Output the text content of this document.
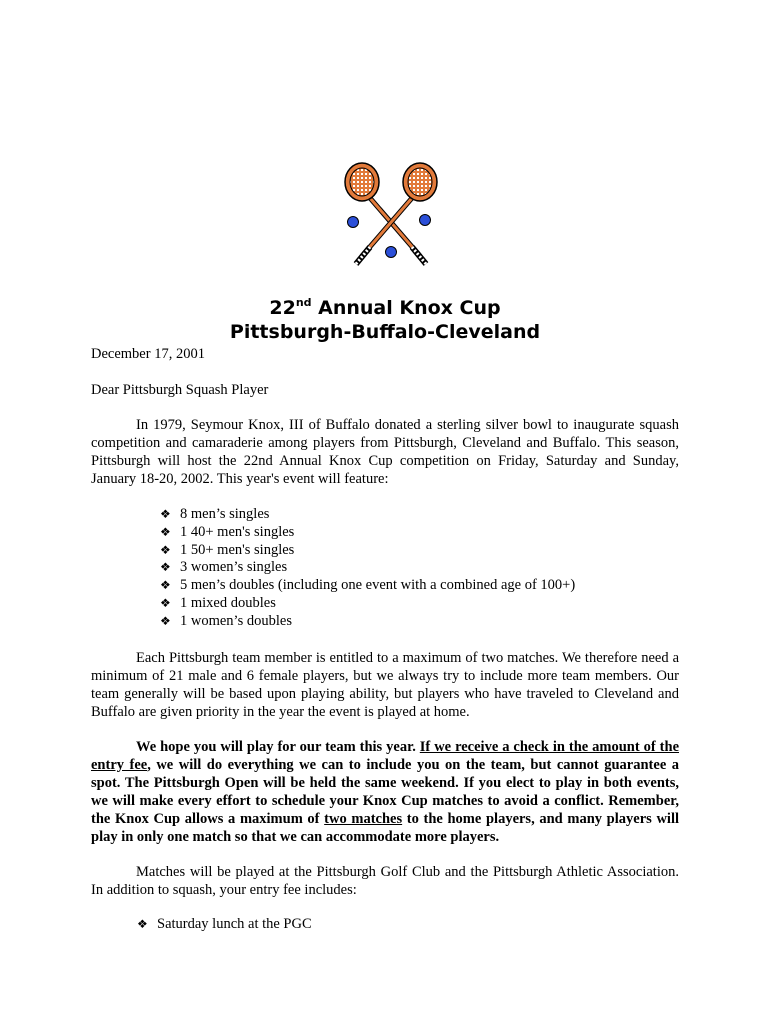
22nd Annual Knox Cup
Pittsburgh-Buffalo-Cleveland
December 17, 2001
Dear Pittsburgh Squash Player
In 1979, Seymour Knox, III of Buffalo donated a sterling silver bowl to inaugurate squash competition and camaraderie among players from Pittsburgh, Cleveland and Buffalo. This season, Pittsburgh will host the 22nd Annual Knox Cup competition on Friday, Saturday and Sunday, January 18-20, 2002. This year's event will feature:
❖ 8 men’s singles
❖ 1 40+ men's singles
❖ 1 50+ men's singles
❖ 3 women’s singles
❖ 5 men’s doubles (including one event with a combined age of 100+)
❖ 1 mixed doubles
❖ 1 women’s doubles
Each Pittsburgh team member is entitled to a maximum of two matches. We therefore need a minimum of 21 male and 6 female players, but we always try to include more team members. Our team generally will be based upon playing ability, but players who have traveled to Cleveland and Buffalo are given priority in the year the event is played at home.
We hope you will play for our team this year. If we receive a check in the amount of the entry fee, we will do everything we can to include you on the team, but cannot guarantee a spot. The Pittsburgh Open will be held the same weekend. If you elect to play in both events, we will make every effort to schedule your Knox Cup matches to avoid a conflict. Remember, the Knox Cup allows a maximum of two matches to the home players, and many players will play in only one match so that we can accommodate more players.
Matches will be played at the Pittsburgh Golf Club and the Pittsburgh Athletic Association. In addition to squash, your entry fee includes:
❖ Saturday lunch at the PGC
